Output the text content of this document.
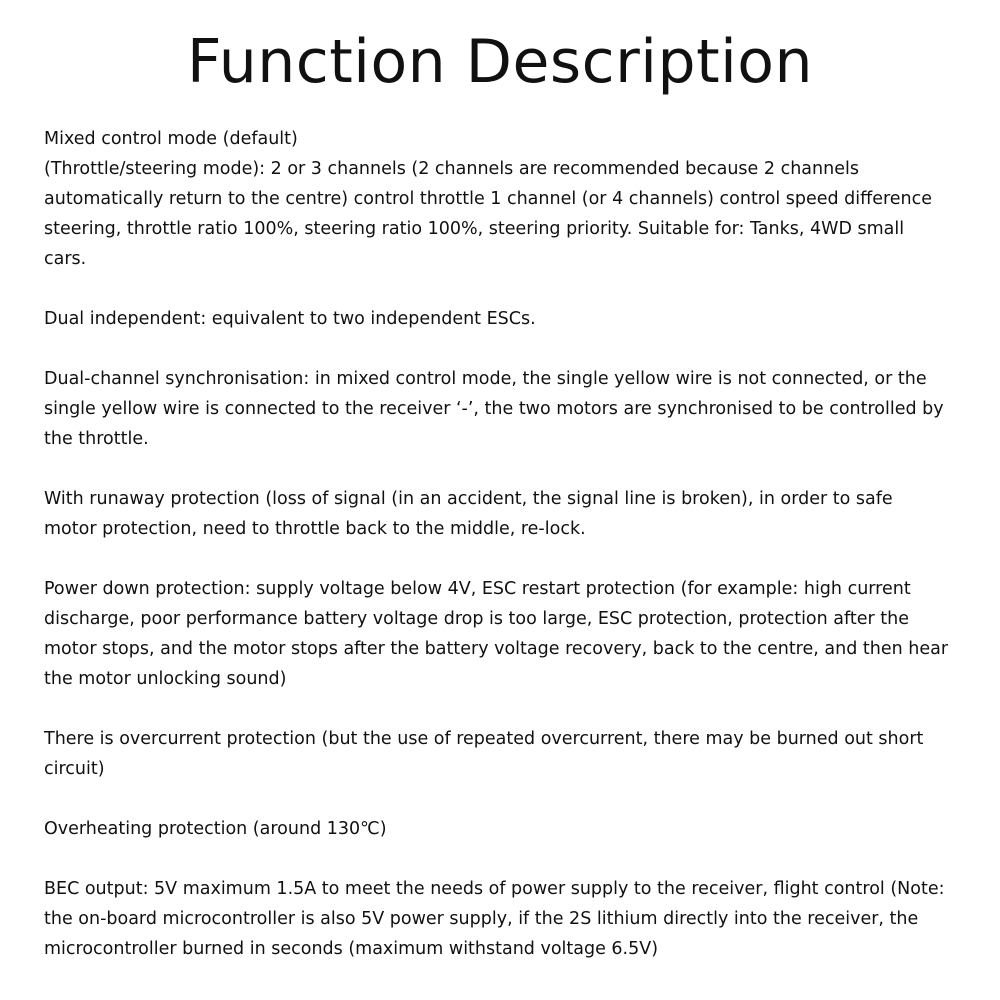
Function Description

Mixed control mode (default)
(Throttle/steering mode): 2 or 3 channels (2 channels are recommended because 2 channels automatically return to the centre) control throttle 1 channel (or 4 channels) control speed difference steering, throttle ratio 100%, steering ratio 100%, steering priority. Suitable for: Tanks, 4WD small cars.

Dual independent: equivalent to two independent ESCs.

Dual-channel synchronisation: in mixed control mode, the single yellow wire is not connected, or the single yellow wire is connected to the receiver ‘-’, the two motors are synchronised to be controlled by the throttle.

With runaway protection (loss of signal (in an accident, the signal line is broken), in order to safe motor protection, need to throttle back to the middle, re-lock.

Power down protection: supply voltage below 4V, ESC restart protection (for example: high current discharge, poor performance battery voltage drop is too large, ESC protection, protection after the motor stops, and the motor stops after the battery voltage recovery, back to the centre, and then hear the motor unlocking sound)

There is overcurrent protection (but the use of repeated overcurrent, there may be burned out short circuit)

Overheating protection (around 130℃)

BEC output: 5V maximum 1.5A to meet the needs of power supply to the receiver, flight control (Note: the on-board microcontroller is also 5V power supply, if the 2S lithium directly into the receiver, the microcontroller burned in seconds (maximum withstand voltage 6.5V)
